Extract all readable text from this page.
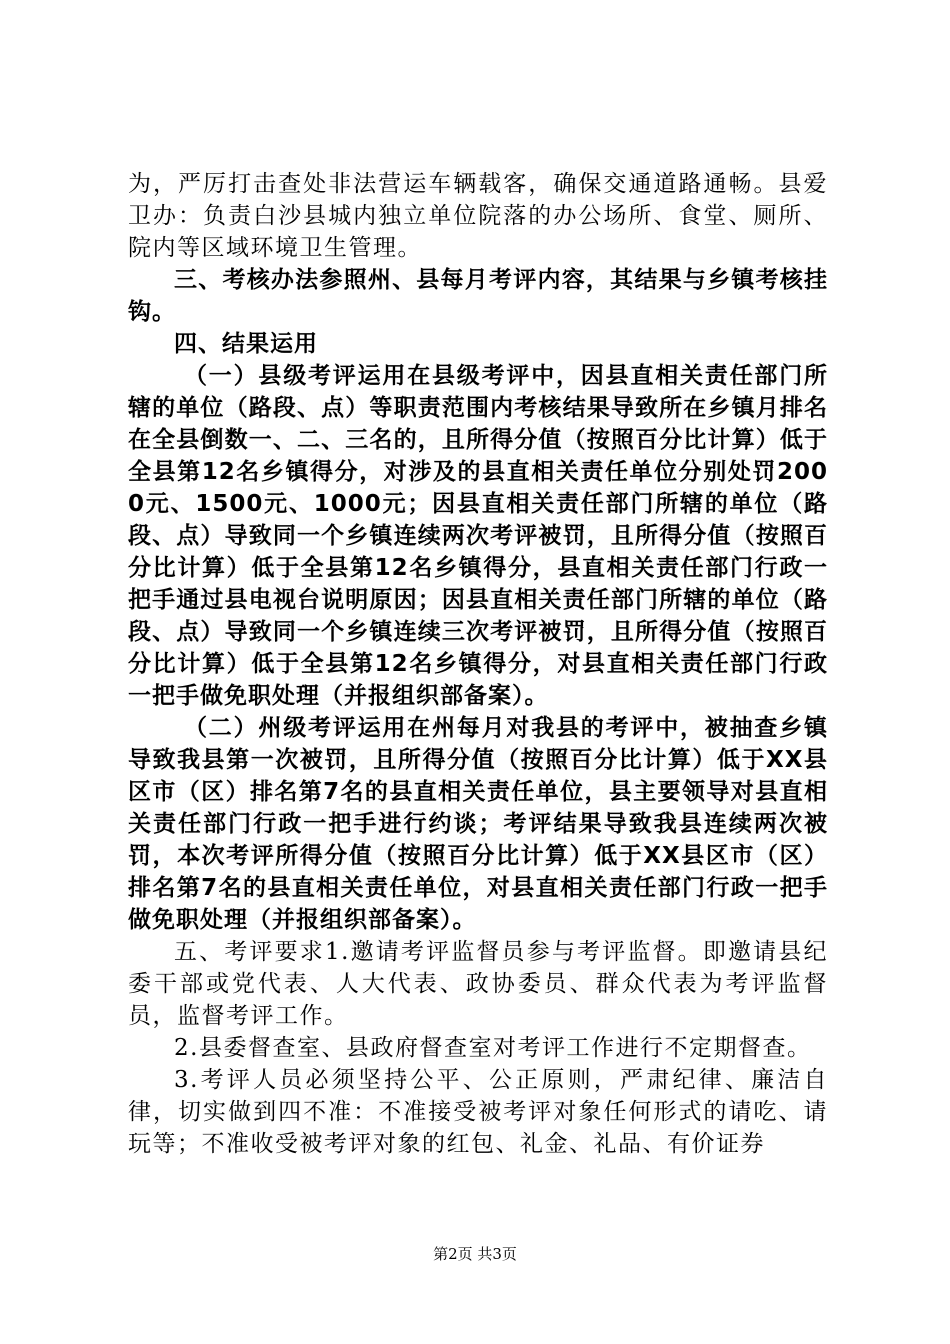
为，严厉打击查处非法营运车辆载客，确保交通道路通畅。县爱卫办：负责白沙县城内独立单位院落的办公场所、食堂、厕所、院内等区域环境卫生管理。

三、考核办法参照州、县每月考评内容，其结果与乡镇考核挂钩。

四、结果运用

（一）县级考评运用在县级考评中，因县直相关责任部门所辖的单位（路段、点）等职责范围内考核结果导致所在乡镇月排名在全县倒数一、二、三名的，且所得分值（按照百分比计算）低于全县第12名乡镇得分，对涉及的县直相关责任单位分别处罚2000元、1500元、1000元；因县直相关责任部门所辖的单位（路段、点）导致同一个乡镇连续两次考评被罚，且所得分值（按照百分比计算）低于全县第12名乡镇得分，县直相关责任部门行政一把手通过县电视台说明原因；因县直相关责任部门所辖的单位（路段、点）导致同一个乡镇连续三次考评被罚，且所得分值（按照百分比计算）低于全县第12名乡镇得分，对县直相关责任部门行政一把手做免职处理（并报组织部备案）。

（二）州级考评运用在州每月对我县的考评中，被抽查乡镇导致我县第一次被罚，且所得分值（按照百分比计算）低于XX县区市（区）排名第7名的县直相关责任单位，县主要领导对县直相关责任部门行政一把手进行约谈；考评结果导致我县连续两次被罚，本次考评所得分值（按照百分比计算）低于XX县区市（区）排名第7名的县直相关责任单位，对县直相关责任部门行政一把手做免职处理（并报组织部备案）。

五、考评要求1.邀请考评监督员参与考评监督。即邀请县纪委干部或党代表、人大代表、政协委员、群众代表为考评监督员，监督考评工作。

2.县委督查室、县政府督查室对考评工作进行不定期督查。

3.考评人员必须坚持公平、公正原则，严肃纪律、廉洁自律，切实做到四不准：不准接受被考评对象任何形式的请吃、请玩等；不准收受被考评对象的红包、礼金、礼品、有价证券

第2页 共3页
